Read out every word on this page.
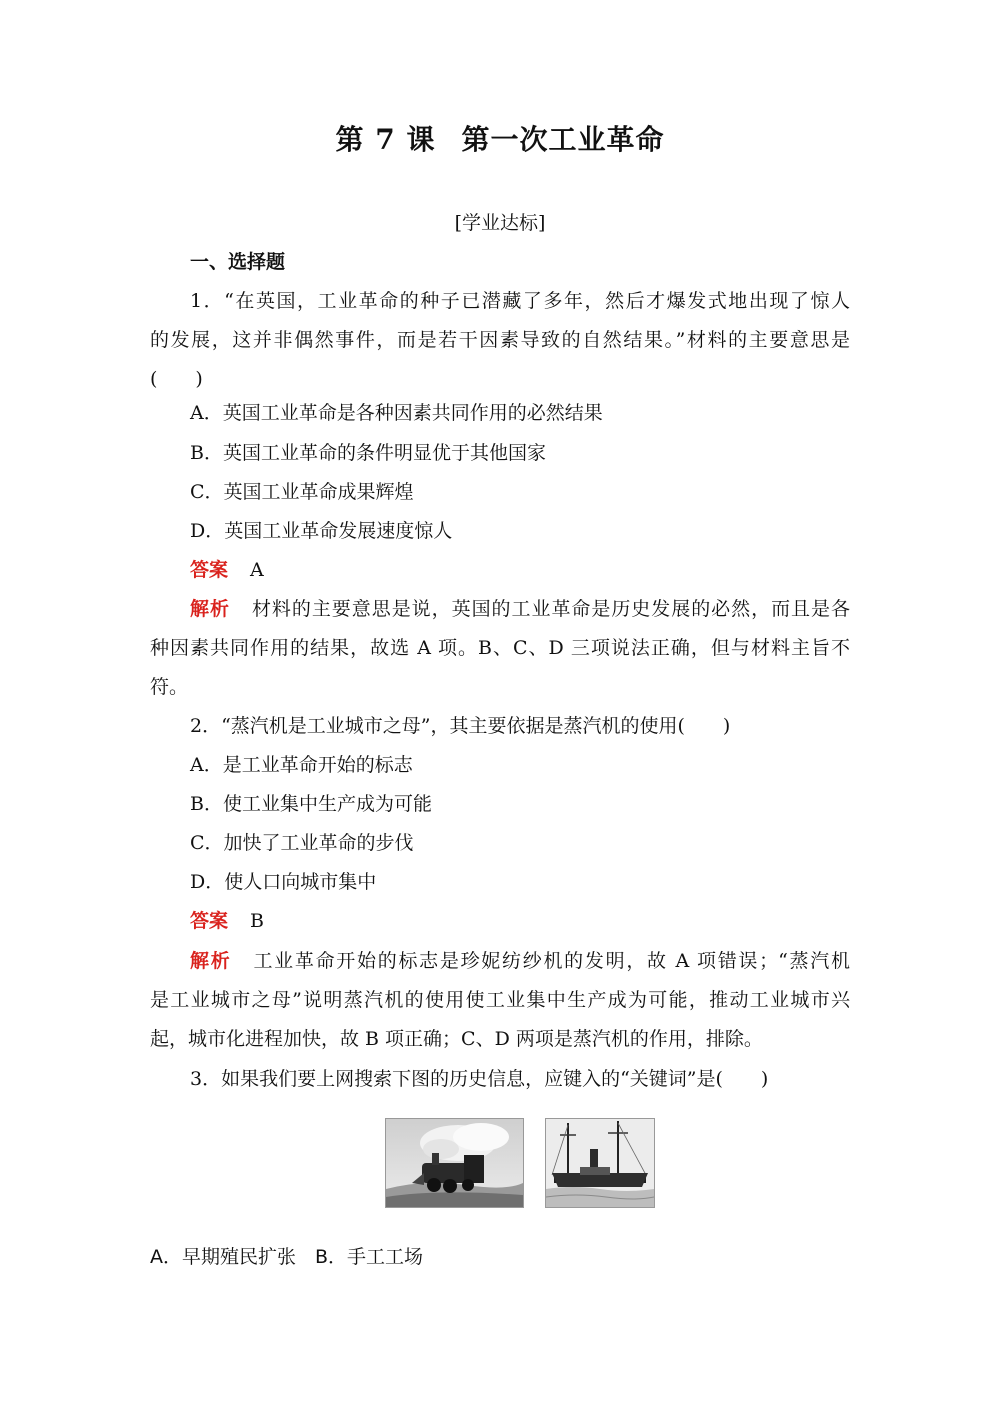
第 7 课 第一次工业革命
[学业达标]
一、选择题
1．“在英国，工业革命的种子已潜藏了多年，然后才爆发式地出现了惊人
的发展，这并非偶然事件，而是若干因素导致的自然结果。”材料的主要意思是
(　　)
A．英国工业革命是各种因素共同作用的必然结果
B．英国工业革命的条件明显优于其他国家
C．英国工业革命成果辉煌
D．英国工业革命发展速度惊人
答案 A
解析 材料的主要意思是说，英国的工业革命是历史发展的必然，而且是各
种因素共同作用的结果，故选 A 项。B、C、D 三项说法正确，但与材料主旨不
符。
2．“蒸汽机是工业城市之母”，其主要依据是蒸汽机的使用(　　)
A．是工业革命开始的标志
B．使工业集中生产成为可能
C．加快了工业革命的步伐
D．使人口向城市集中
答案 B
解析 工业革命开始的标志是珍妮纺纱机的发明，故 A 项错误；“蒸汽机
是工业城市之母”说明蒸汽机的使用使工业集中生产成为可能，推动工业城市兴
起，城市化进程加快，故 B 项正确；C、D 两项是蒸汽机的作用，排除。
3．如果我们要上网搜索下图的历史信息，应键入的“关键词”是(　　)
A．早期殖民扩张　B．手工工场
